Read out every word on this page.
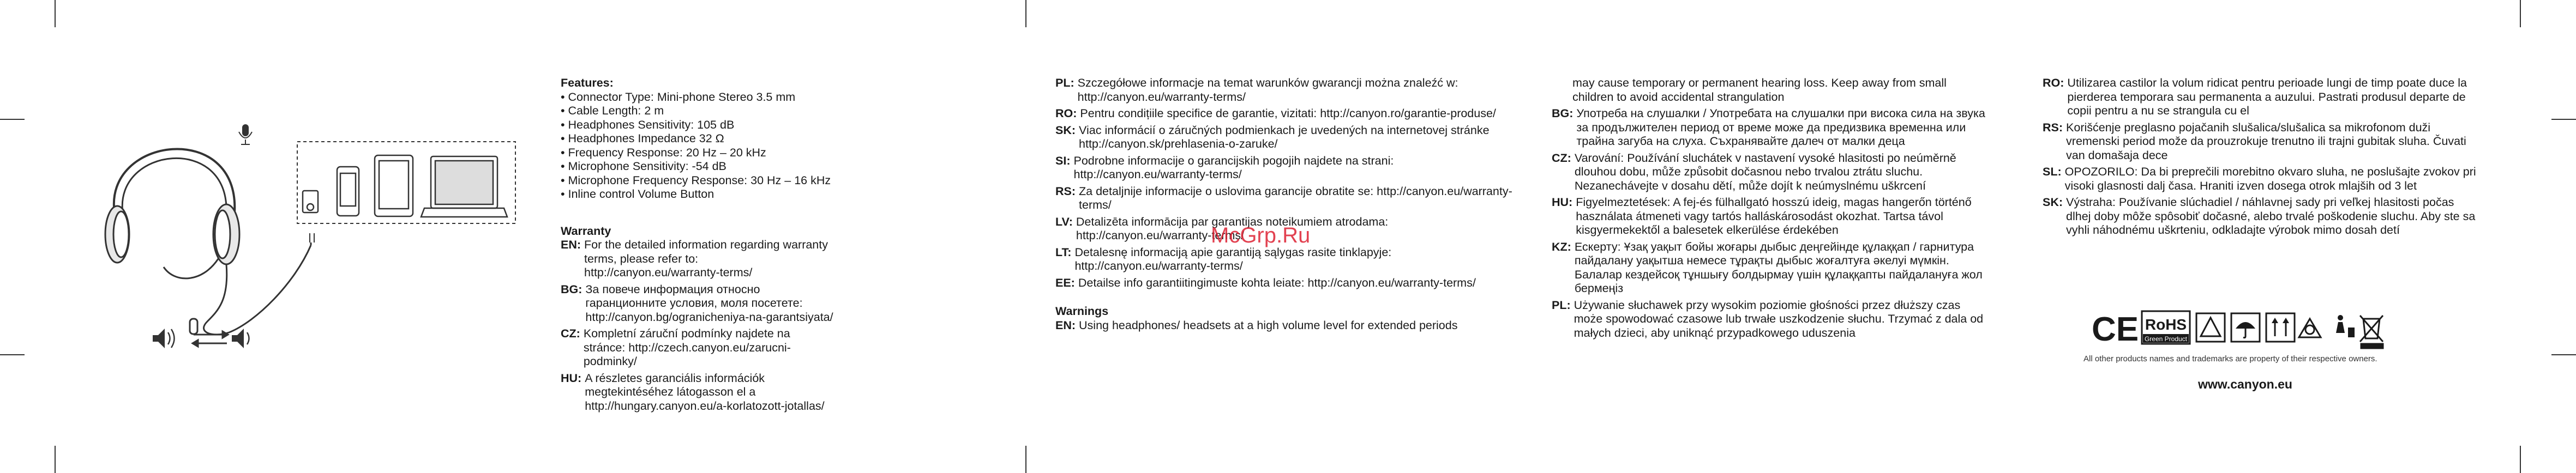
Features:

• Connector Type: Mini-phone Stereo 3.5 mm

• Cable Length: 2 m

• Headphones Sensitivity: 105 dB

• Headphones Impedance 32 Ω

• Frequency Response: 20 Hz – 20 kHz

• Microphone Sensitivity: -54 dB

• Microphone Frequency Response: 30 Hz – 16 kHz

• Inline control Volume Button

Warranty

EN: For the detailed information regarding warranty terms, please refer to: http://canyon.eu/warranty-terms/
BG: За повече информация относно гаранционните условия, моля посетете: http://canyon.bg/ogranicheniya-na-garantsiyata/
CZ: Kompletní záruční podmínky najdete na stránce: http://czech.canyon.eu/zarucni-podminky/
HU: A részletes garanciális információk megtekintéséhez látogasson el a http://hungary.canyon.eu/a-korlatozott-jotallas/
PL: Szczegółowe informacje na temat warunków gwarancji można znaleźć w: http://canyon.eu/warranty-terms/
RO: Pentru condițiile specifice de garantie, vizitati: http://canyon.ro/garantie-produse/
SK: Viac informácií o záručných podmienkach je uvedených na internetovej stránke http://canyon.sk/prehlasenia-o-zaruke/
SI: Podrobne informacije o garancijskih pogojih najdete na strani: http://canyon.eu/warranty-terms/
RS: Za detaljnije informacije o uslovima garancije obratite se: http://canyon.eu/warranty-terms/
LV: Detalizēta informācija par garantijas noteikumiem atrodama: http://canyon.eu/warranty-terms/
LT: Detalesnę informaciją apie garantiją sąlygas rasite tinklapyje: http://canyon.eu/warranty-terms/
EE: Detailse info garantiitingimuste kohta leiate: http://canyon.eu/warranty-terms/

Warnings

EN: Using headphones/ headsets at a high volume level for extended periods

may cause temporary or permanent hearing loss. Keep away from small children to avoid accidental strangulation

BG: Употреба на слушалки / Употребата на слушалки при висока сила на звука за продължителен период от време може да предизвика временна или трайна загуба на слуха. Съхранявайте далеч от малки деца
CZ: Varování: Používání sluchátek v nastavení vysoké hlasitosti po neúměrně dlouhou dobu, může způsobit dočasnou nebo trvalou ztrátu sluchu. Nezanechávejte v dosahu dětí, může dojít k neúmyslnému uškrcení
HU: Figyelmeztetések: A fej-és fülhallgató hosszú ideig, magas hangerőn történő használata átmeneti vagy tartós halláskárosodást okozhat. Tartsa távol kisgyermekektől a balesetek elkerülése érdekében
KZ: Ескерту: Ұзақ уақыт бойы жоғары дыбыс деңгейінде құлаққап / гарнитура пайдалану уақытша немесе тұрақты дыбыс жоғалтуға әкелуі мүмкін. Балалар кездейсоқ тұншығу болдырмау үшін құлаққапты пайдалануға жол бермеңіз
PL: Używanie słuchawek przy wysokim poziomie głośności przez dłuższy czas może spowodować czasowe lub trwałe uszkodzenie słuchu. Trzymać z dala od małych dzieci, aby uniknąć przypadkowego uduszenia
RO: Utilizarea castilor la volum ridicat pentru perioade lungi de timp poate duce la pierderea temporara sau permanenta a auzului. Pastrati produsul departe de copii pentru a nu se strangula cu el
RS: Korišćenje preglasno pojačanih slušalica/slušalica sa mikrofonom duži vremenski period može da prouzrokuje trenutno ili trajni gubitak sluha. Čuvati van domašaja dece
SL: OPOZORILO: Da bi preprečili morebitno okvaro sluha, ne poslušajte zvokov pri visoki glasnosti dalj časa. Hraniti izven dosega otrok mlajših od 3 let
SK: Výstraha: Používanie slúchadiel / náhlavnej sady pri veľkej hlasitosti počas dlhej doby môže spôsobiť dočasné, alebo trvalé poškodenie sluchu. Aby ste sa vyhli náhodnému uškrteniu, odkladajte výrobok mimo dosah detí
CE RoHS
Green Product
All other products names and trademarks are property of their respective owners.
www.canyon.eu
McGrp.Ru
